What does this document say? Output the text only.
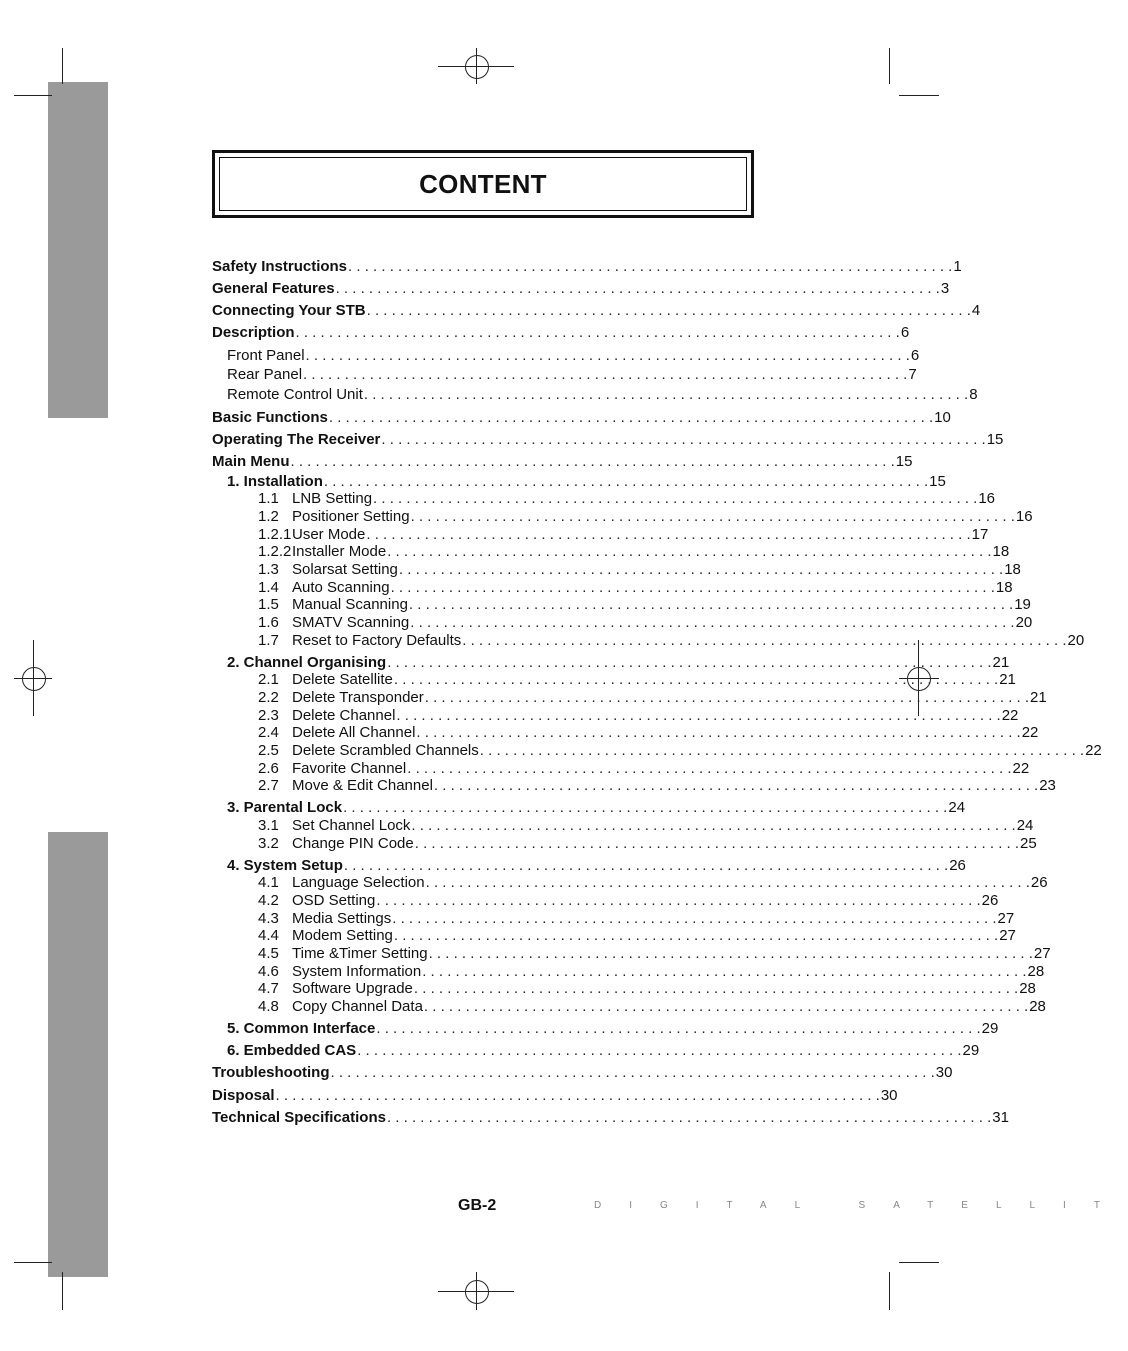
CONTENT
Safety Instructions . . .	1
General Features . . .	3
Connecting Your STB . . .	4
Description . . .	6
Front Panel . . .	6
Rear Panel . . .	7
Remote Control Unit . . .	8
Basic Functions . . .	10
Operating The Receiver . . .	15
Main Menu . . .	15
1. Installation . . .	15
1.1 LNB Setting . . .	16
1.2 Positioner Setting . . .	16
1.2.1User Mode . . .	17
1.2.2Installer Mode . . .	18
1.3 Solarsat Setting . . .	18
1.4 Auto Scanning . . .	18
1.5 Manual Scanning . . .	19
1.6 SMATV Scanning . . .	20
1.7 Reset to Factory Defaults . . .	20
2. Channel Organising . . .	21
2.1 Delete Satellite . . .	21
2.2 Delete Transponder . . .	21
2.3 Delete Channel . . .	22
2.4 Delete All Channel . . .	22
2.5 Delete Scrambled Channels . . .	22
2.6 Favorite Channel . . .	22
2.7 Move & Edit Channel . . .	23
3. Parental Lock . . .	24
3.1 Set Channel Lock . . .	24
3.2 Change PIN Code . . .	25
4. System Setup . . .	26
4.1 Language Selection . . .	26
4.2 OSD Setting . . .	26
4.3 Media Settings . . .	27
4.4 Modem Setting . . .	27
4.5 Time &Timer Setting . . .	27
4.6 System Information . . .	28
4.7 Software Upgrade . . .	28
4.8 Copy Channel Data . . .	28
5. Common Interface . . .	29
6. Embedded CAS . . .	29
Troubleshooting . . .	30
Disposal . . .	30
Technical Specifications . . .	31
GB-2	DIGITAL SATELLIT
